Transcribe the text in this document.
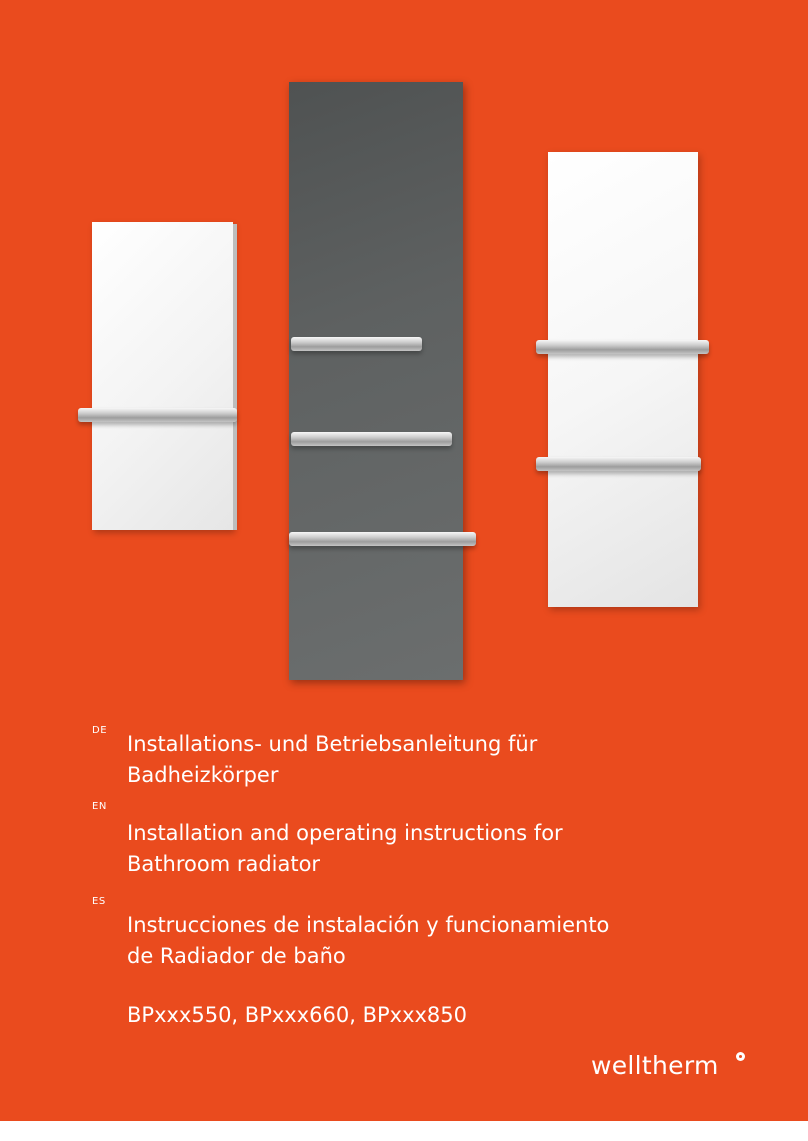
DE
Installations- und Betriebsanleitung für
Badheizkörper
EN
Installation and operating instructions for
Bathroom radiator
ES
Instrucciones de instalación y funcionamiento
de Radiador de baño
BPxxx550, BPxxx660, BPxxx850
welltherm
